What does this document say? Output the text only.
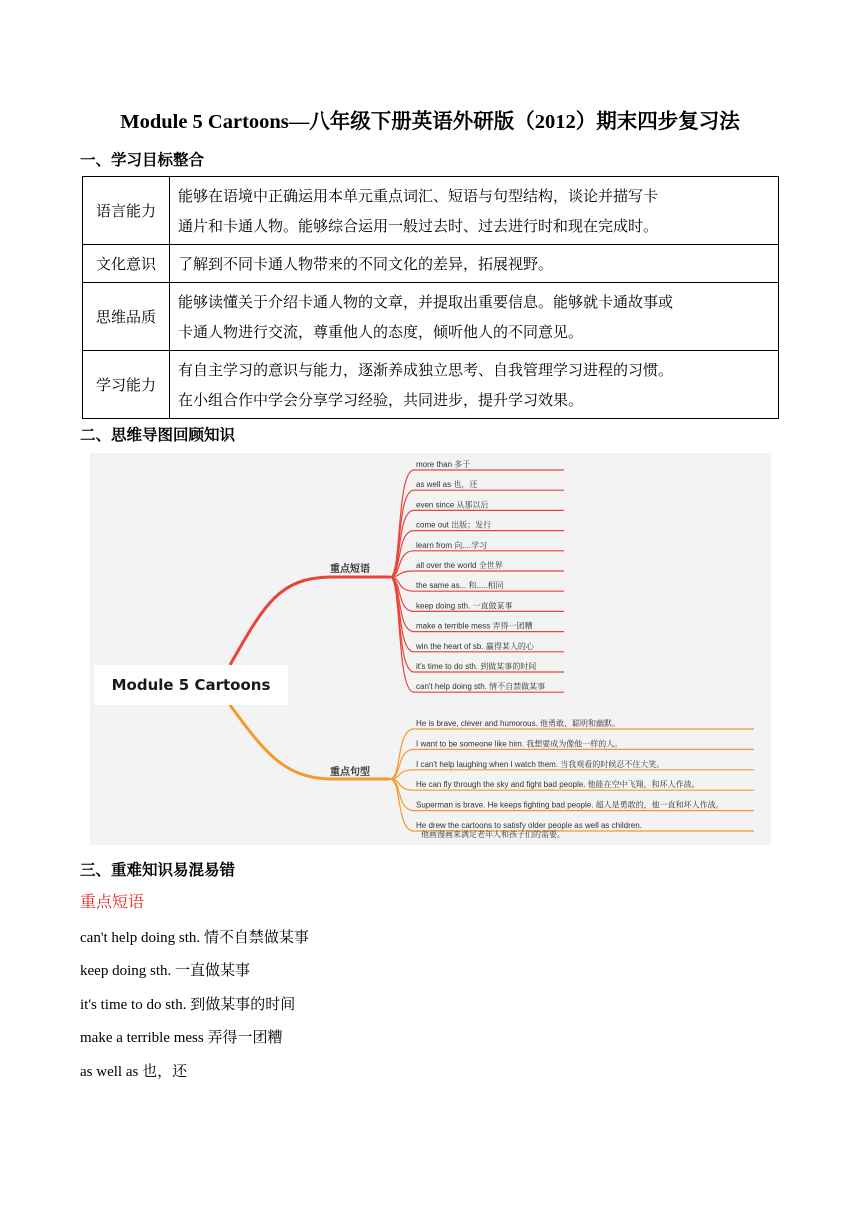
Module 5 Cartoons—八年级下册英语外研版（2012）期末四步复习法
一、学习目标整合
语言能力	能够在语境中正确运用本单元重点词汇、短语与句型结构，谈论并描写卡
通片和卡通人物。能够综合运用一般过去时、过去进行时和现在完成时。

文化意识	了解到不同卡通人物带来的不同文化的差异，拓展视野。

思维品质	能够读懂关于介绍卡通人物的文章，并提取出重要信息。能够就卡通故事或
卡通人物进行交流，尊重他人的态度，倾听他人的不同意见。

学习能力	有自主学习的意识与能力，逐渐养成独立思考、自我管理学习进程的习惯。
在小组合作中学会分享学习经验，共同进步，提升学习效果。
二、思维导图回顾知识
重点短语
重点句型
more than 多于
as well as 也，还
even since 从那以后
come out 出版；发行
learn from 向....学习
all over the world 全世界
the same as... 和.....相同
keep doing sth. 一直做某事
make a terrible mess 弄得一团糟
win the heart of sb. 赢得某人的心
it's time to do sth. 到做某事的时间
can't help doing sth. 情不自禁做某事
He is brave, clever and humorous. 他勇敢、聪明和幽默。
I want to be someone like him. 我想要成为像他一样的人。
I can't help laughing when I watch them. 当我观看的时候忍不住大笑。
He can fly through the sky and fight bad people. 他能在空中飞翔，和坏人作战。
Superman is brave. He keeps fighting bad people. 超人是勇敢的，他一直和坏人作战。
He drew the cartoons to satisfy older people as well as children.
他画漫画来满足老年人和孩子们的需要。
Module 5 Cartoons
三、重难知识易混易错
重点短语
can't help doing sth. 情不自禁做某事
keep doing sth. 一直做某事
it's time to do sth. 到做某事的时间
make a terrible mess 弄得一团糟
as well as 也，还
